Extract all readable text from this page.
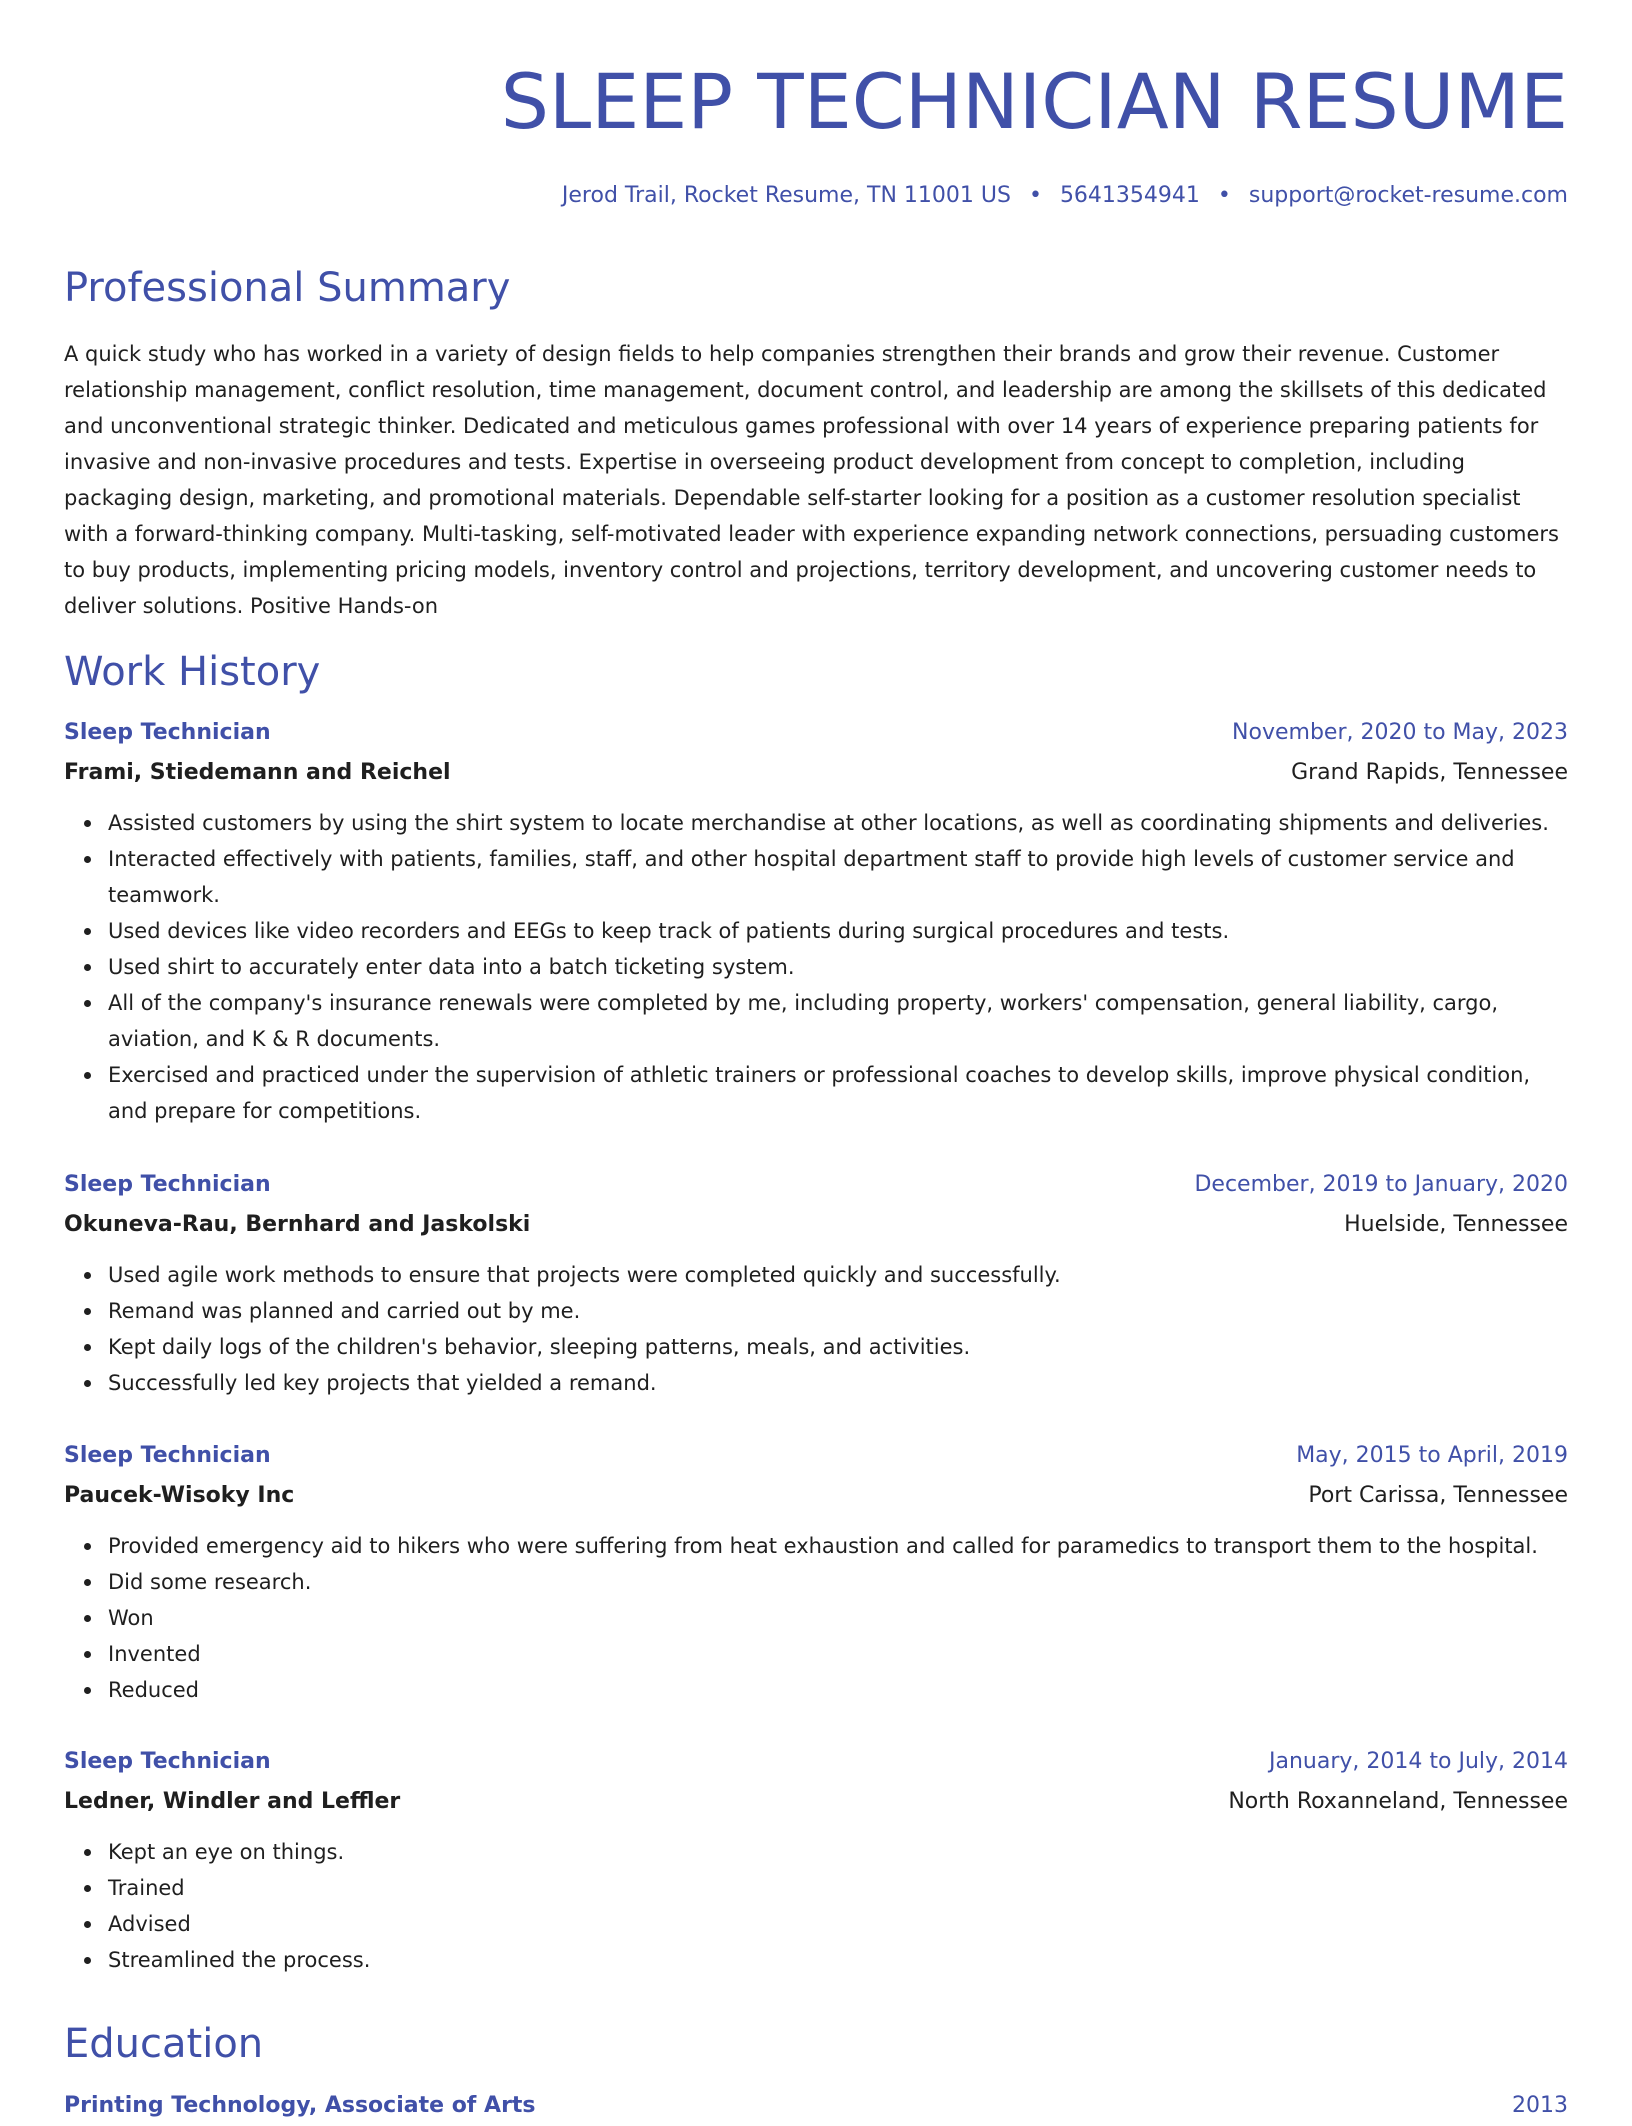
SLEEP TECHNICIAN RESUME
Jerod Trail, Rocket Resume, TN 11001 US • 5641354941 • support@rocket-resume.com
Professional Summary
A quick study who has worked in a variety of design fields to help companies strengthen their brands and grow their revenue. Customer relationship management, conflict resolution, time management, document control, and leadership are among the skillsets of this dedicated and unconventional strategic thinker. Dedicated and meticulous games professional with over 14 years of experience preparing patients for invasive and non-invasive procedures and tests. Expertise in overseeing product development from concept to completion, including packaging design, marketing, and promotional materials. Dependable self-starter looking for a position as a customer resolution specialist with a forward-thinking company. Multi-tasking, self-motivated leader with experience expanding network connections, persuading customers to buy products, implementing pricing models, inventory control and projections, territory development, and uncovering customer needs to deliver solutions. Positive Hands-on
Work History
Sleep Technician	November, 2020 to May, 2023
Frami, Stiedemann and Reichel	Grand Rapids, Tennessee
Assisted customers by using the shirt system to locate merchandise at other locations, as well as coordinating shipments and deliveries.
Interacted effectively with patients, families, staff, and other hospital department staff to provide high levels of customer service and teamwork.
Used devices like video recorders and EEGs to keep track of patients during surgical procedures and tests.
Used shirt to accurately enter data into a batch ticketing system.
All of the company's insurance renewals were completed by me, including property, workers' compensation, general liability, cargo, aviation, and K & R documents.
Exercised and practiced under the supervision of athletic trainers or professional coaches to develop skills, improve physical condition, and prepare for competitions.
Sleep Technician	December, 2019 to January, 2020
Okuneva-Rau, Bernhard and Jaskolski	Huelside, Tennessee
Used agile work methods to ensure that projects were completed quickly and successfully.
Remand was planned and carried out by me.
Kept daily logs of the children's behavior, sleeping patterns, meals, and activities.
Successfully led key projects that yielded a remand.
Sleep Technician	May, 2015 to April, 2019
Paucek-Wisoky Inc	Port Carissa, Tennessee
Provided emergency aid to hikers who were suffering from heat exhaustion and called for paramedics to transport them to the hospital.
Did some research.
Won
Invented
Reduced
Sleep Technician	January, 2014 to July, 2014
Ledner, Windler and Leffler	North Roxanneland, Tennessee
Kept an eye on things.
Trained
Advised
Streamlined the process.
Education
Printing Technology, Associate of Arts	2013
